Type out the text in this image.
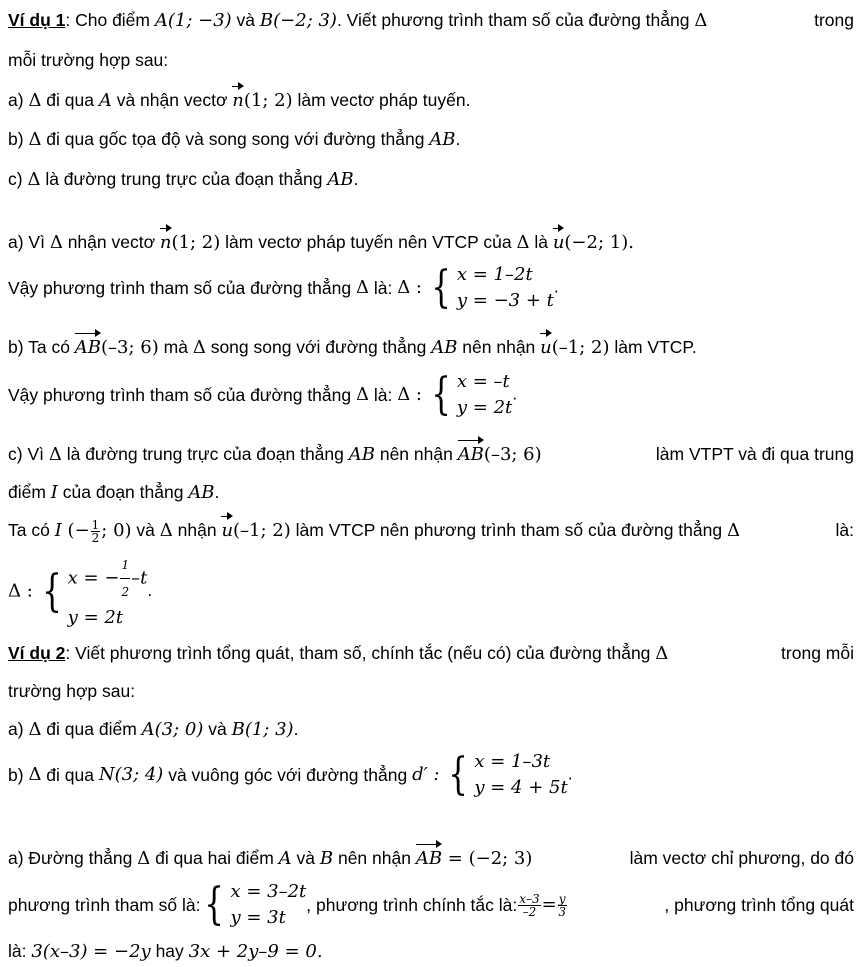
Ví dụ 1: Cho điểm A(1; −3) và B(−2; 3). Viết phương trình tham số của đường thẳng Δ	trong
mỗi trường hợp sau:
a) Δ đi qua A và nhận vectơ n(1; 2) làm vectơ pháp tuyến.
b) Δ đi qua gốc tọa độ và song song với đường thẳng AB.
c) Δ là đường trung trực của đoạn thẳng AB.
a) Vì Δ nhận vectơ n(1; 2) làm vectơ pháp tuyến nên VTCP của Δ là u(−2; 1).
Vậy phương trình tham số của đường thẳng Δ là: Δ : { x = 1–2t
y = −3 + t
.
b) Ta có AB(–3; 6) mà Δ song song với đường thẳng AB nên nhận u(–1; 2) làm VTCP.
Vậy phương trình tham số của đường thẳng Δ là: Δ : { x = –t
y = 2t
.
c) Vì Δ là đường trung trực của đoạn thẳng AB nên nhận AB(–3; 6)	làm VTPT và đi qua trung
điểm I của đoạn thẳng AB.
Ta có I (− $\frac{1}{2}$ ; 0) và Δ nhận u(–1; 2) làm VTCP nên phương trình tham số của đường thẳng Δ	là:
Δ : { x = − $\frac{1}{2} -t$
y = 2t
.
Ví dụ 2: Viết phương trình tổng quát, tham số, chính tắc (nếu có) của đường thẳng Δ	trong mỗi
trường hợp sau:
a) Δ đi qua điểm A(3; 0) và B(1; 3).
b) Δ đi qua N(3; 4) và vuông góc với đường thẳng d′ : { x = 1–3t
y = 4 + 5t
.
a) Đường thẳng Δ đi qua hai điểm A và B nên nhận AB = (−2; 3)	làm vectơ chỉ phương, do đó
phương trình tham số là: { x = 3–2t
y = 3t
, phương trình chính tắc là: $\frac{x-3}{-2} = \frac{y}{3}$	, phương trình tổng quát
là: 3(x–3) = −2y hay 3x + 2y–9 = 0.
